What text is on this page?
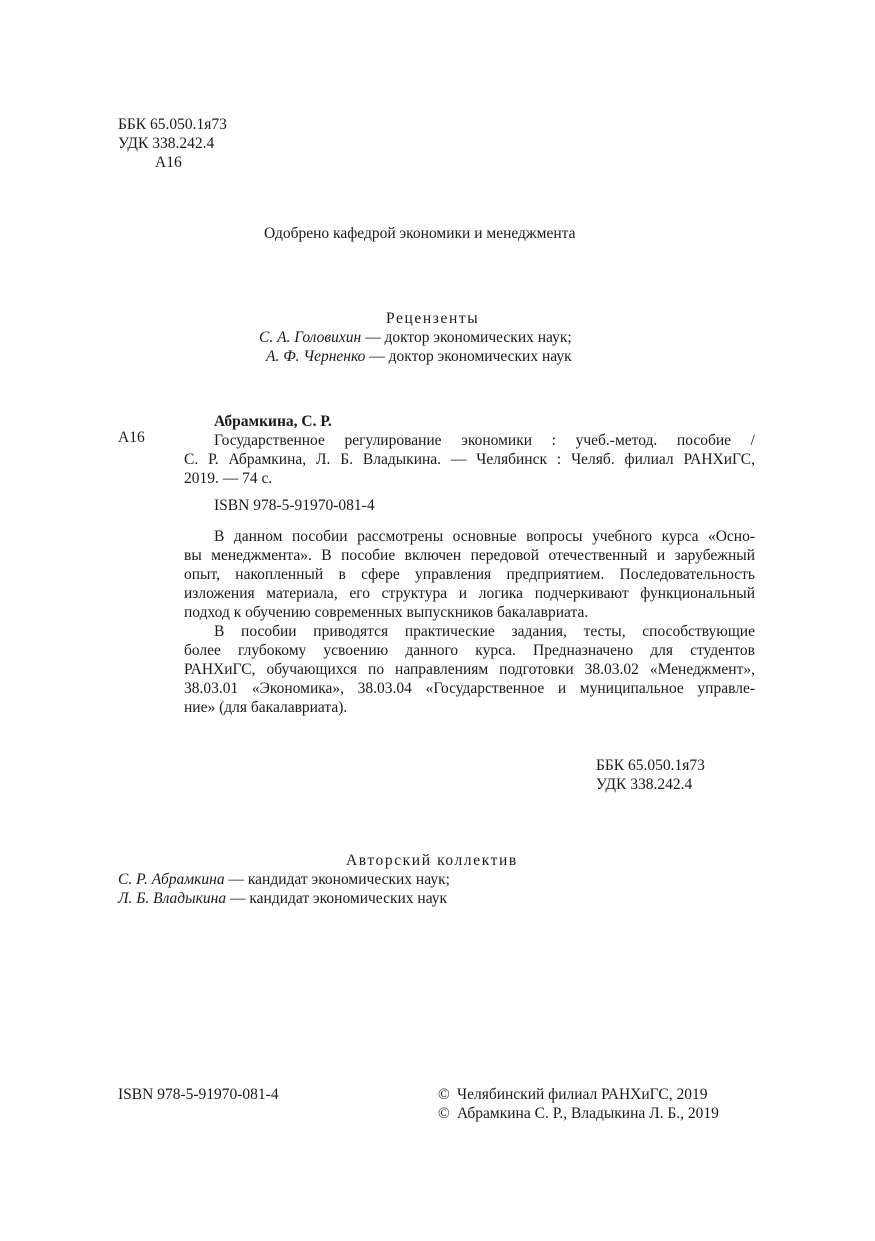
ББК 65.050.1я73
УДК 338.242.4
А16
Одобрено кафедрой экономики и менеджмента
Рецензенты
С. А. Головихин — доктор экономических наук;
А. Ф. Черненко — доктор экономических наук
Абрамкина, С. Р.
А16	Государственное регулирование экономики : учеб.-метод. пособие /
С. Р. Абрамкина, Л. Б. Владыкина. — Челябинск : Челяб. филиал РАНХиГС,
2019. — 74 с.
ISBN 978-5-91970-081-4
В данном пособии рассмотрены основные вопросы учебного курса «Осно-
вы менеджмента». В пособие включен передовой отечественный и зарубежный
опыт, накопленный в сфере управления предприятием. Последовательность
изложения материала, его структура и логика подчеркивают функциональный
подход к обучению современных выпускников бакалавриата.
В пособии приводятся практические задания, тесты, способствующие
более глубокому усвоению данного курса. Предназначено для студентов
РАНХиГС, обучающихся по направлениям подготовки 38.03.02 «Менеджмент»,
38.03.01 «Экономика», 38.03.04 «Государственное и муниципальное управле-
ние» (для бакалавриата).
ББК 65.050.1я73
УДК 338.242.4
Авторский коллектив
С. Р. Абрамкина — кандидат экономических наук;
Л. Б. Владыкина — кандидат экономических наук
ISBN 978-5-91970-081-4	© Челябинский филиал РАНХиГС, 2019
© Абрамкина С. Р., Владыкина Л. Б., 2019
